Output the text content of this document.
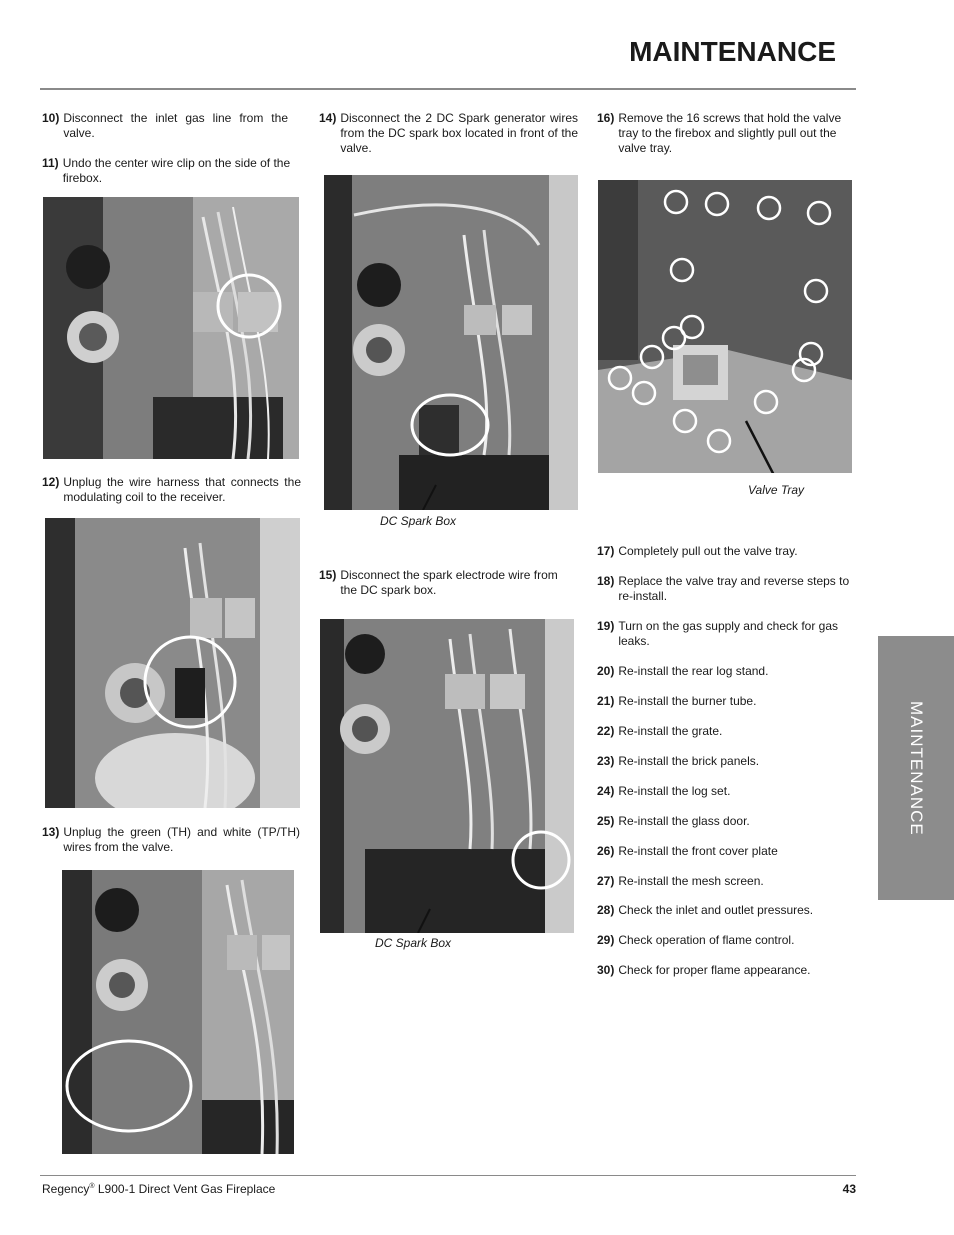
MAINTENANCE
10) Disconnect the inlet gas line from the valve.
11) Undo the center wire clip on the side of the firebox.
12) Unplug the wire harness that connects the modulating coil to the receiver.
13) Unplug the green (TH) and white (TP/TH) wires from the valve.
14) Disconnect the 2 DC Spark generator wires from the DC spark box located in front of the valve.
DC Spark Box
15) Disconnect the spark electrode wire from the DC spark box.
DC Spark Box
16) Remove the 16 screws that hold the valve tray to the firebox and slightly pull out the valve tray.
Valve Tray
17) Completely pull out the valve tray.
18) Replace the valve tray and reverse steps to re-install.
19) Turn on the gas supply and check for gas leaks.
20) Re-install the rear log stand.
21) Re-install the burner tube.
22) Re-install the grate.
23) Re-install the brick panels.
24) Re-install the log set.
25) Re-install the glass door.
26) Re-install the front cover plate
27) Re-install the mesh screen.
28) Check the inlet and outlet pressures.
29) Check operation of flame control.
30) Check for proper flame appearance.
MAINTENANCE
Regency® L900-1 Direct Vent Gas Fireplace	43
